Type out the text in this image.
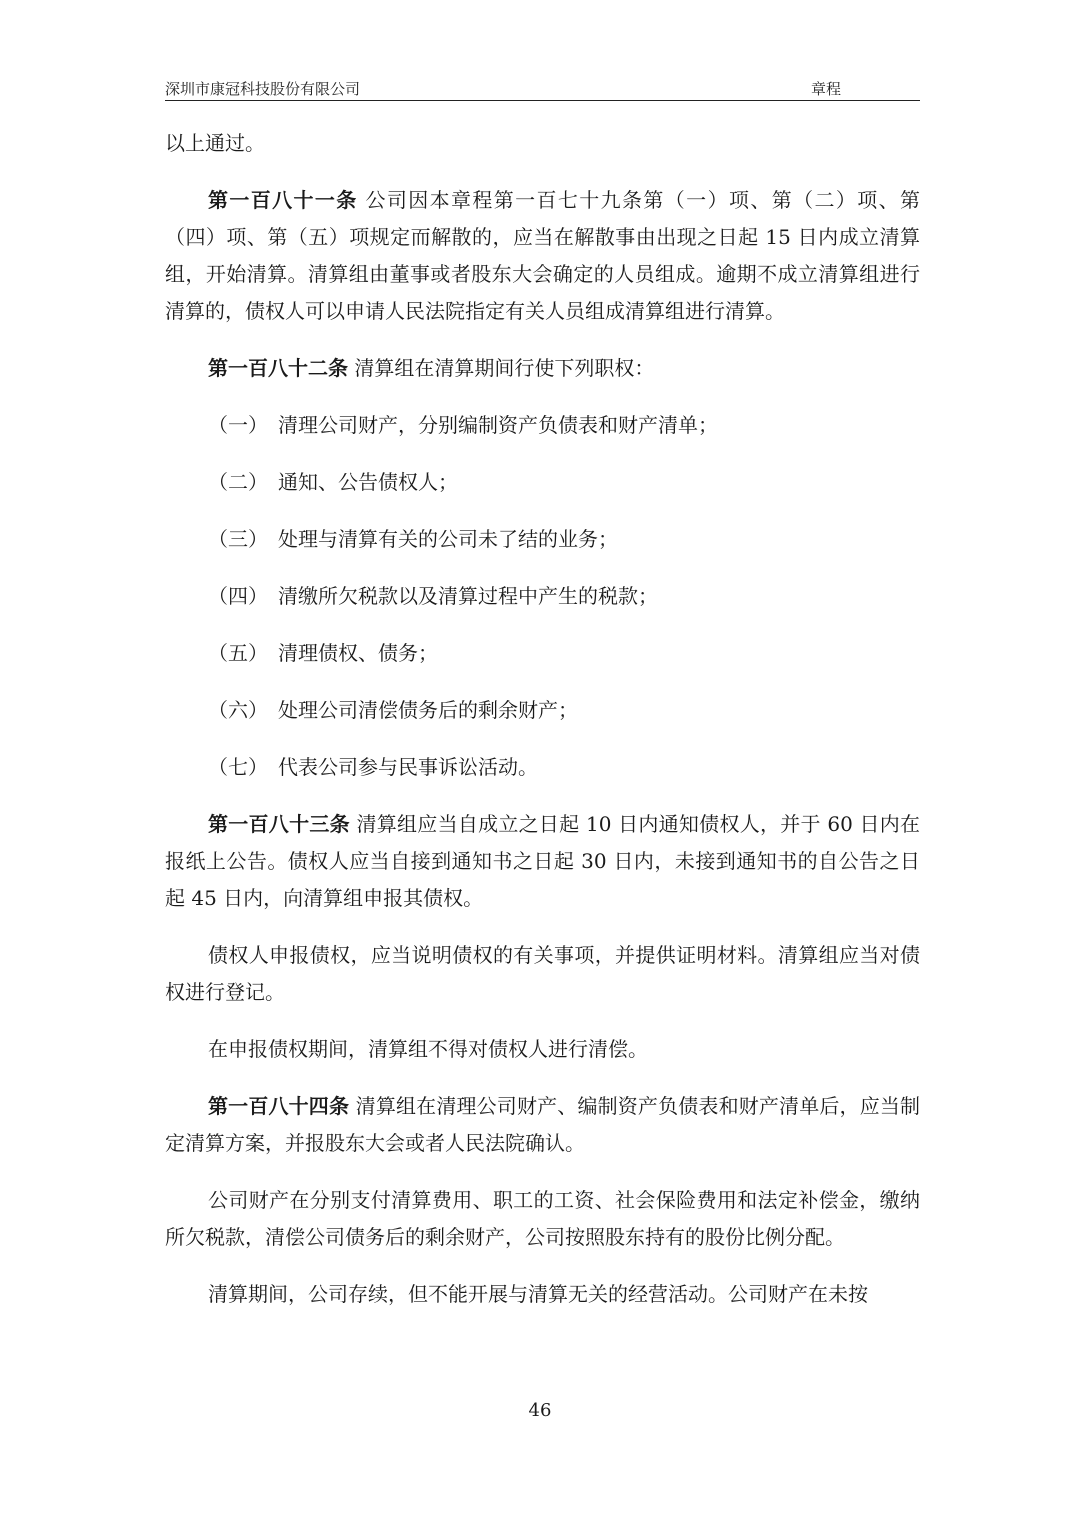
深圳市康冠科技股份有限公司	章程

以上通过。

第一百八十一条 公司因本章程第一百七十九条第（一）项、第（二）项、第（四）项、第（五）项规定而解散的，应当在解散事由出现之日起 15 日内成立清算组，开始清算。清算组由董事或者股东大会确定的人员组成。逾期不成立清算组进行清算的，债权人可以申请人民法院指定有关人员组成清算组进行清算。

第一百八十二条 清算组在清算期间行使下列职权：

（一） 清理公司财产，分别编制资产负债表和财产清单；
（二） 通知、公告债权人；
（三） 处理与清算有关的公司未了结的业务；
（四） 清缴所欠税款以及清算过程中产生的税款；
（五） 清理债权、债务；
（六） 处理公司清偿债务后的剩余财产；
（七） 代表公司参与民事诉讼活动。

第一百八十三条 清算组应当自成立之日起 10 日内通知债权人，并于 60 日内在报纸上公告。债权人应当自接到通知书之日起 30 日内，未接到通知书的自公告之日起 45 日内，向清算组申报其债权。

债权人申报债权，应当说明债权的有关事项，并提供证明材料。清算组应当对债权进行登记。

在申报债权期间，清算组不得对债权人进行清偿。

第一百八十四条 清算组在清理公司财产、编制资产负债表和财产清单后，应当制定清算方案，并报股东大会或者人民法院确认。

公司财产在分别支付清算费用、职工的工资、社会保险费用和法定补偿金，缴纳所欠税款，清偿公司债务后的剩余财产，公司按照股东持有的股份比例分配。

清算期间，公司存续，但不能开展与清算无关的经营活动。公司财产在未按

46
